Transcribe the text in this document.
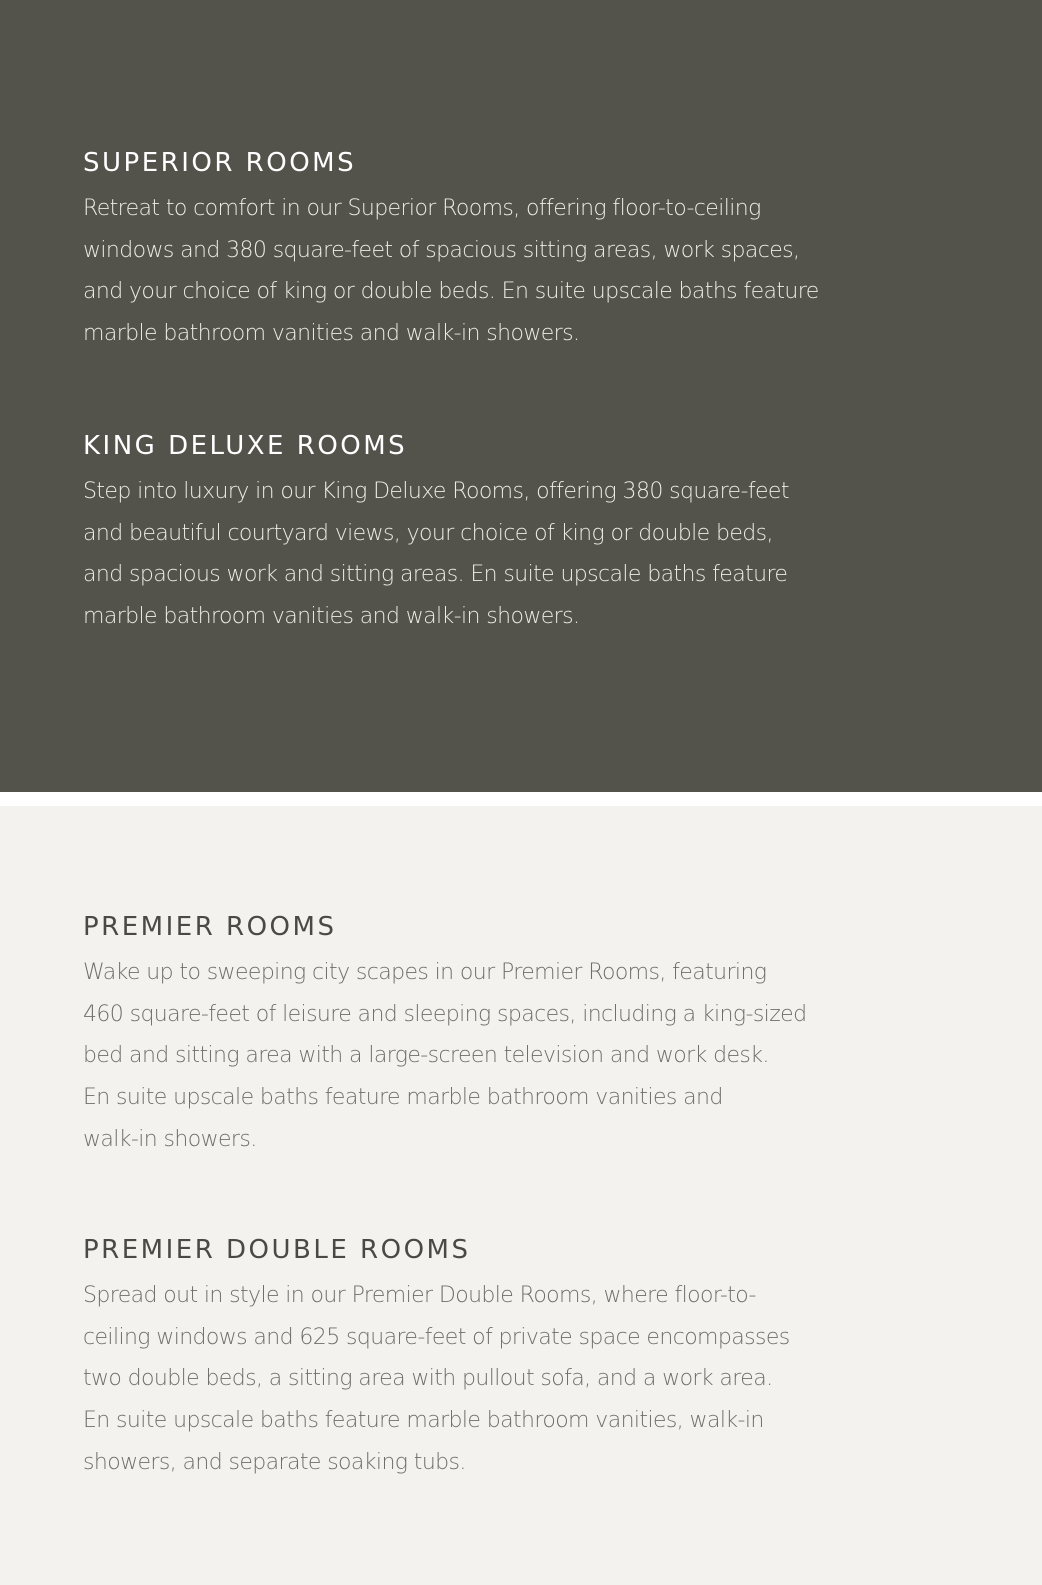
SUPERIOR ROOMS

Retreat to comfort in our Superior Rooms, offering floor-to-ceiling
windows and 380 square-feet of spacious sitting areas, work spaces,
and your choice of king or double beds. En suite upscale baths feature
marble bathroom vanities and walk-in showers.

KING DELUXE ROOMS

Step into luxury in our King Deluxe Rooms, offering 380 square-feet
and beautiful courtyard views, your choice of king or double beds,
and spacious work and sitting areas. En suite upscale baths feature
marble bathroom vanities and walk-in showers.

PREMIER ROOMS

Wake up to sweeping city scapes in our Premier Rooms, featuring
460 square-feet of leisure and sleeping spaces, including a king-sized
bed and sitting area with a large-screen television and work desk.
En suite upscale baths feature marble bathroom vanities and
walk-in showers.

PREMIER DOUBLE ROOMS

Spread out in style in our Premier Double Rooms, where floor-to-
ceiling windows and 625 square-feet of private space encompasses
two double beds, a sitting area with pullout sofa, and a work area.
En suite upscale baths feature marble bathroom vanities, walk-in
showers, and separate soaking tubs.
